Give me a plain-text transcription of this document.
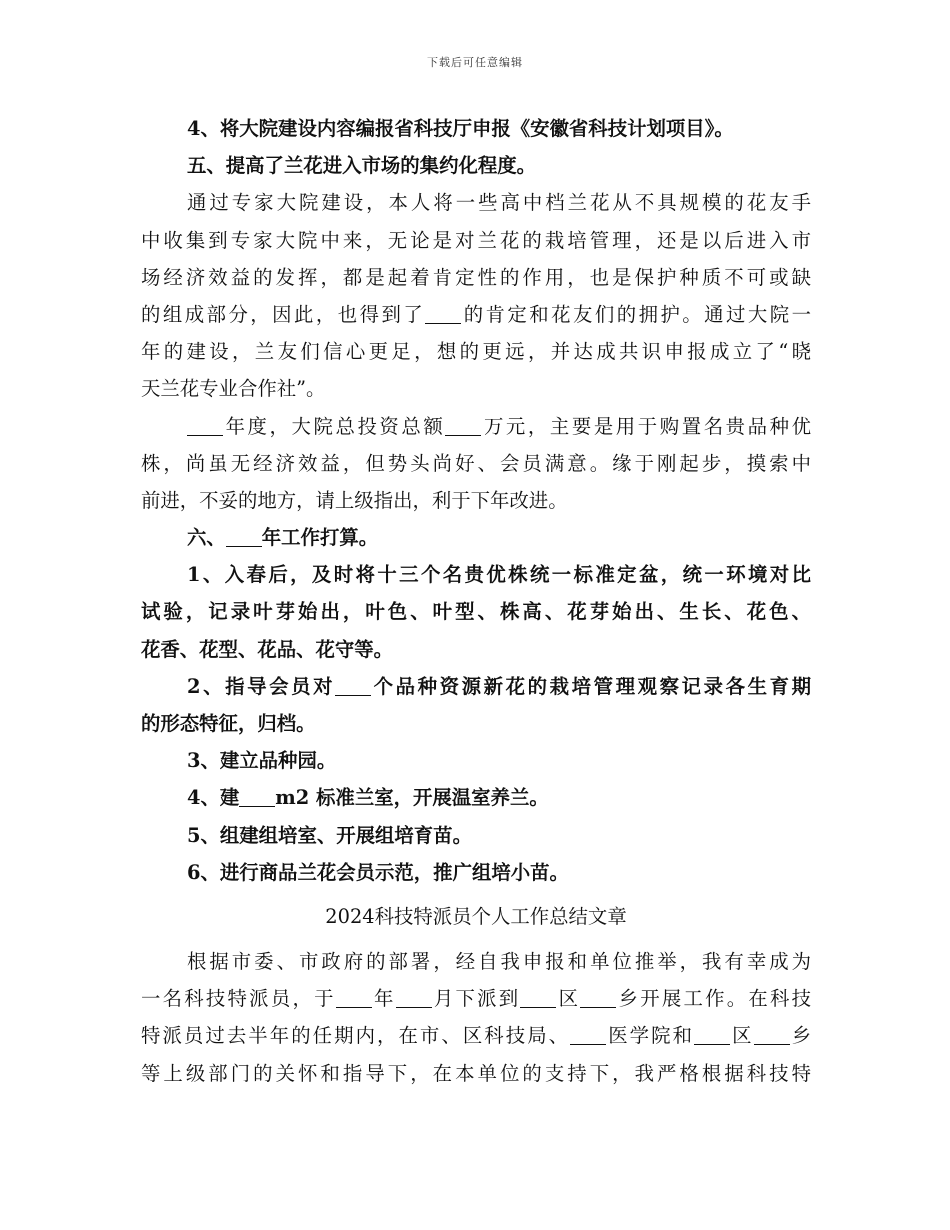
下载后可任意编辑
4、将大院建设内容编报省科技厅申报《安徽省科技计划项目》。
五、提高了兰花进入市场的集约化程度。
通过专家大院建设，本人将一些高中档兰花从不具规模的花友手
中收集到专家大院中来，无论是对兰花的栽培管理，还是以后进入市
场经济效益的发挥，都是起着肯定性的作用，也是保护种质不可或缺
的组成部分，因此，也得到了 的肯定和花友们的拥护。通过大院一
年的建设，兰友们信心更足，想的更远，并达成共识申报成立了“晓
天兰花专业合作社”。
年度，大院总投资总额 万元，主要是用于购置名贵品种优
株，尚虽无经济效益，但势头尚好、会员满意。缘于刚起步，摸索中
前进，不妥的地方，请上级指出，利于下年改进。
六、 年工作打算。
1、入春后，及时将十三个名贵优株统一标准定盆，统一环境对比
试验，记录叶芽始出，叶色、叶型、株高、花芽始出、生长、花色、
花香、花型、花品、花守等。
2、指导会员对 个品种资源新花的栽培管理观察记录各生育期
的形态特征，归档。
3、建立品种园。
4、建 m2 标准兰室，开展温室养兰。
5、组建组培室、开展组培育苗。
6、进行商品兰花会员示范，推广组培小苗。
2024科技特派员个人工作总结文章
根据市委、市政府的部署，经自我申报和单位推举，我有幸成为
一名科技特派员，于 年 月下派到 区 乡开展工作。在科技
特派员过去半年的任期内，在市、区科技局、 医学院和 区 乡
等上级部门的关怀和指导下，在本单位的支持下，我严格根据科技特
